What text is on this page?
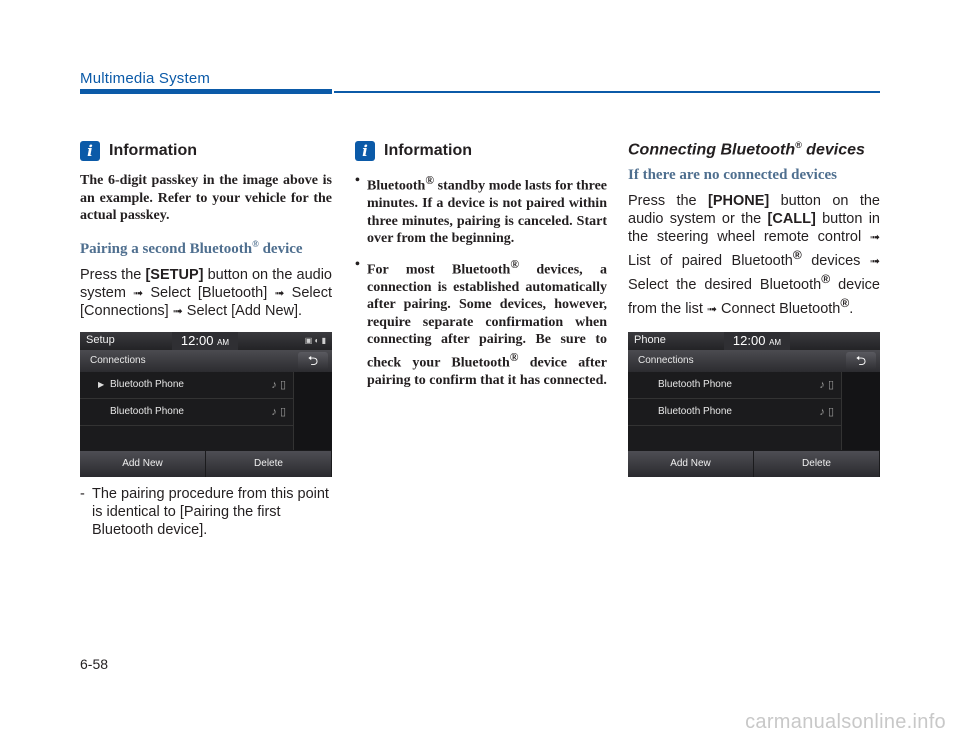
Multimedia System
i	Information
The 6-digit passkey in the image above is an example. Refer to your vehicle for the actual passkey.
Pairing a second Bluetooth® device
Press the [SETUP] button on the audio system ➟ Select [Bluetooth] ➟ Select [Connections] ➟ Select [Add New].
Setup	12:00 AM	▣ ◐ ▮
Connections	⮌
▶ Bluetooth Phone	♪ ▯
Bluetooth Phone	♪ ▯
Add New	Delete
- The pairing procedure from this point is identical to [Pairing the first Bluetooth device].
i	Information
• Bluetooth® standby mode lasts for three minutes. If a device is not paired within three minutes, pairing is canceled. Start over from the beginning.
• For most Bluetooth® devices, a connection is established automatically after pairing. Some devices, however, require separate confirmation when connecting after pairing. Be sure to check your Bluetooth® device after pairing to confirm that it has connected.
Connecting Bluetooth® devices
If there are no connected devices
Press the [PHONE] button on the audio system or the [CALL] button in the steering wheel remote control ➟ List of paired Bluetooth® devices ➟ Select the desired Bluetooth® device from the list ➟ Connect Bluetooth®.
Phone	12:00 AM
Connections	⮌
Bluetooth Phone	♪ ▯
Bluetooth Phone	♪ ▯
Add New	Delete
6-58
carmanualsonline.info
